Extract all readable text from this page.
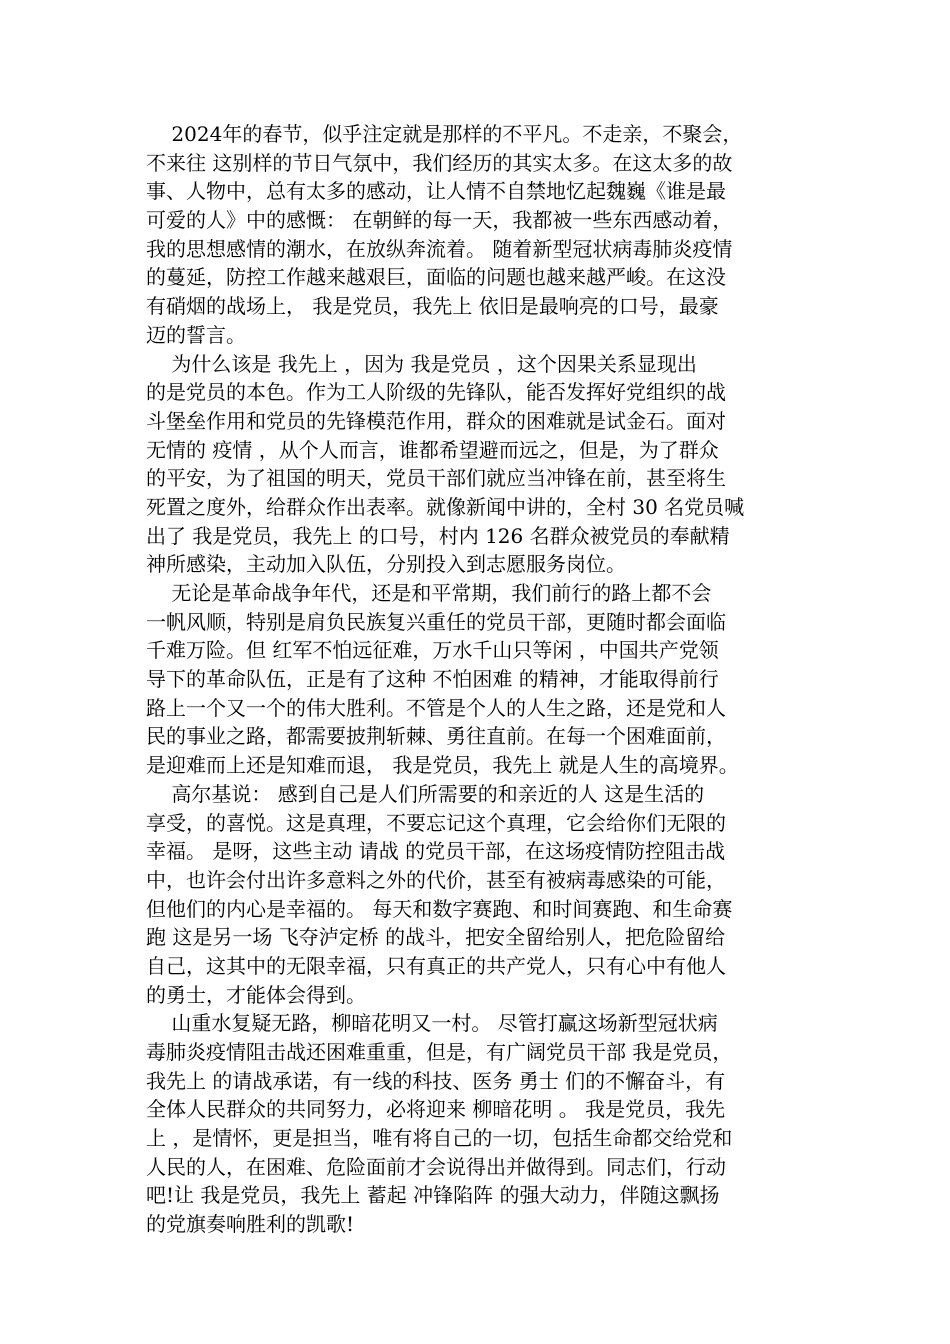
2024年的春节，似乎注定就是那样的不平凡。不走亲，不聚会，
不来往 这别样的节日气氛中，我们经历的其实太多。在这太多的故
事、人物中，总有太多的感动，让人情不自禁地忆起魏巍《谁是最
可爱的人》中的感慨： 在朝鲜的每一天，我都被一些东西感动着，
我的思想感情的潮水，在放纵奔流着。 随着新型冠状病毒肺炎疫情
的蔓延，防控工作越来越艰巨，面临的问题也越来越严峻。在这没
有硝烟的战场上， 我是党员，我先上 依旧是最响亮的口号，最豪
迈的誓言。
为什么该是 我先上 ，因为 我是党员 ，这个因果关系显现出
的是党员的本色。作为工人阶级的先锋队，能否发挥好党组织的战
斗堡垒作用和党员的先锋模范作用，群众的困难就是试金石。面对
无情的 疫情 ，从个人而言，谁都希望避而远之，但是，为了群众
的平安，为了祖国的明天，党员干部们就应当冲锋在前，甚至将生
死置之度外，给群众作出表率。就像新闻中讲的，全村 30 名党员喊
出了 我是党员，我先上 的口号，村内 126 名群众被党员的奉献精
神所感染，主动加入队伍，分别投入到志愿服务岗位。
无论是革命战争年代，还是和平常期，我们前行的路上都不会
一帆风顺，特别是肩负民族复兴重任的党员干部，更随时都会面临
千难万险。但 红军不怕远征难，万水千山只等闲 ，中国共产党领
导下的革命队伍，正是有了这种 不怕困难 的精神，才能取得前行
路上一个又一个的伟大胜利。不管是个人的人生之路，还是党和人
民的事业之路，都需要披荆斩棘、勇往直前。在每一个困难面前，
是迎难而上还是知难而退， 我是党员，我先上 就是人生的高境界。
高尔基说： 感到自己是人们所需要的和亲近的人 这是生活的
享受，的喜悦。这是真理，不要忘记这个真理，它会给你们无限的
幸福。 是呀，这些主动 请战 的党员干部，在这场疫情防控阻击战
中，也许会付出许多意料之外的代价，甚至有被病毒感染的可能，
但他们的内心是幸福的。 每天和数字赛跑、和时间赛跑、和生命赛
跑 这是另一场 飞夺泸定桥 的战斗，把安全留给别人，把危险留给
自己，这其中的无限幸福，只有真正的共产党人，只有心中有他人
的勇士，才能体会得到。
山重水复疑无路，柳暗花明又一村。 尽管打赢这场新型冠状病
毒肺炎疫情阻击战还困难重重，但是，有广阔党员干部 我是党员，
我先上 的请战承诺，有一线的科技、医务 勇士 们的不懈奋斗，有
全体人民群众的共同努力，必将迎来 柳暗花明 。 我是党员，我先
上 ，是情怀，更是担当，唯有将自己的一切，包括生命都交给党和
人民的人，在困难、危险面前才会说得出并做得到。同志们，行动
吧!让 我是党员，我先上 蓄起 冲锋陷阵 的强大动力，伴随这飘扬
的党旗奏响胜利的凯歌!
